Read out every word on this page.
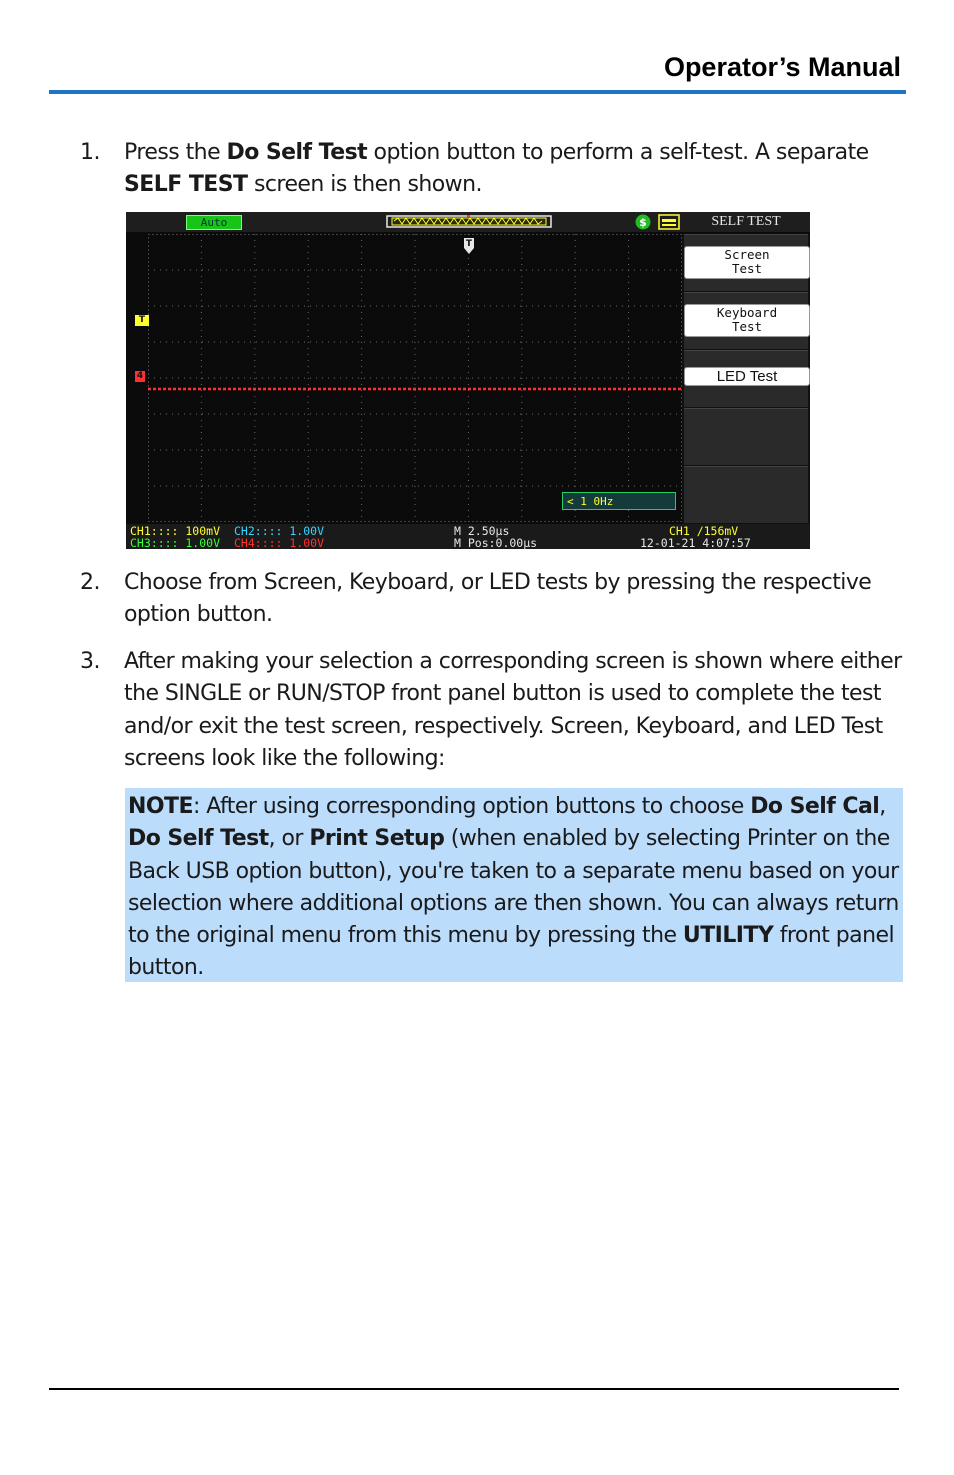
Operator’s Manual
1. Press the Do Self Test option button to perform a self-test. A separate SELF TEST screen is then shown.
Auto	$	SELF TEST
T
T
4
< 1 0Hz
Screen
Test
Keyboard
Test
LED Test
CH1:::: 100mV
CH3:::: 1.00V
CH2:::: 1.00V
CH4:::: 1.00V
M 2.50μs
M Pos:0.00μs
CH1 ∕156mV
12-01-21 4:07:57
2. Choose from Screen, Keyboard, or LED tests by pressing the respective option button.
3. After making your selection a corresponding screen is shown where either the SINGLE or RUN/STOP front panel button is used to complete the test and/or exit the test screen, respectively. Screen, Keyboard, and LED Test screens look like the following:
NOTE: After using corresponding option buttons to choose Do Self Cal, Do Self Test, or Print Setup (when enabled by selecting Printer on the Back USB option button), you're taken to a separate menu based on your selection where additional options are then shown. You can always return to the original menu from this menu by pressing the UTILITY front panel button.
